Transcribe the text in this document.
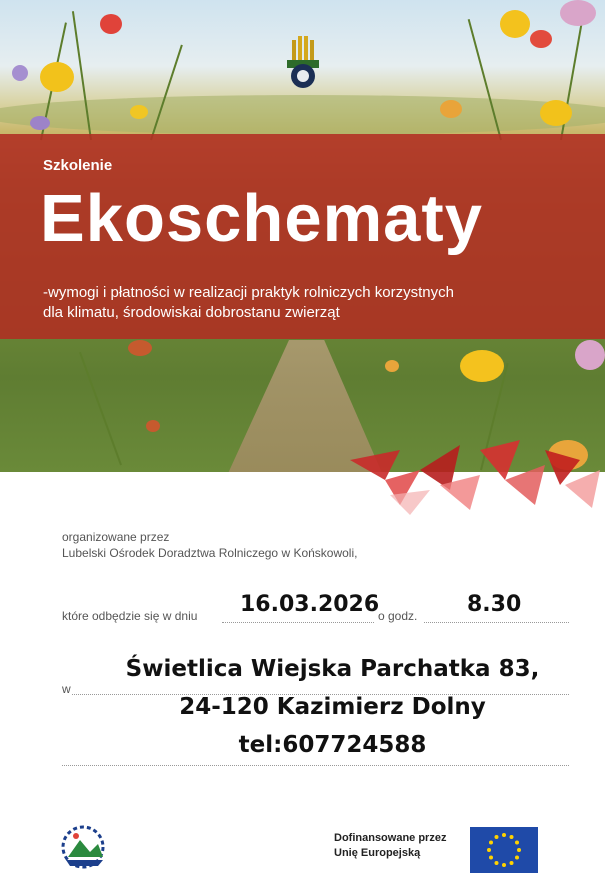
Szkolenie
Ekoschematy
-wymogi i płatności w realizacji praktyk rolniczych korzystnych
dla klimatu, środowiskai dobrostanu zwierząt
organizowane przez
Lubelski Ośrodek Doradztwa Rolniczego w Końskowoli,
które odbędzie się w dniu 16.03.2026
o godz. 8.30
w
Świetlica Wiejska Parchatka 83,
24-120 Kazimierz Dolny
tel:607724588
Dofinansowane przez
Unię Europejską
